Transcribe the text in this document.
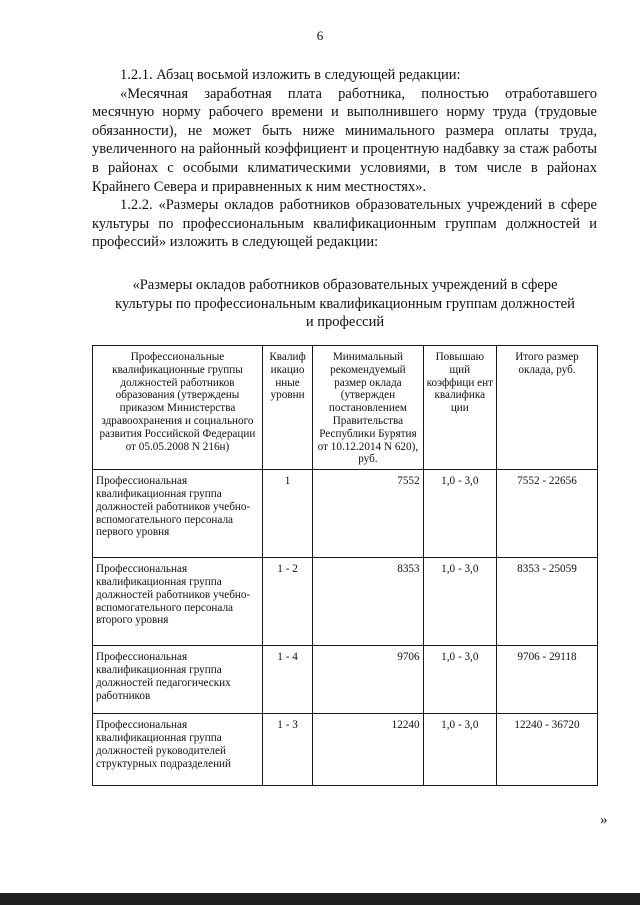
6

1.2.1. Абзац восьмой изложить в следующей редакции:

«Месячная заработная плата работника, полностью отработавшего месячную норму рабочего времени и выполнившего норму труда (трудовые обязанности), не может быть ниже минимального размера оплаты труда, увеличенного на районный коэффициент и процентную надбавку за стаж работы в районах с особыми климатическими условиями, в том числе в районах Крайнего Севера и приравненных к ним местностях».

1.2.2. «Размеры окладов работников образовательных учреждений в сфере культуры по профессиональным квалификационным группам должностей и профессий» изложить в следующей редакции:

«Размеры окладов работников образовательных учреждений в сфере культуры по профессиональным квалификационным группам должностей и профессий
Профессиональные квалификационные группы должностей работников образования (утверждены приказом Министерства здравоохранения и социального развития Российской Федерации от 05.05.2008 N 216н)	Квалиф икацио нные уровни	Минимальный рекомендуемый размер оклада (утвержден постановлением Правительства Республики Бурятия от 10.12.2014 N 620), руб.	Повышаю щий коэффици ент квалифика ции	Итого размер оклада, руб.
Профессиональная квалификационная группа должностей работников учебно-вспомогательного персонала первого уровня	1	7552	1,0 - 3,0	7552 - 22656
Профессиональная квалификационная группа должностей работников учебно-вспомогательного персонала второго уровня	1 - 2	8353	1,0 - 3,0	8353 - 25059
Профессиональная квалификационная группа должностей педагогических работников	1 - 4	9706	1,0 - 3,0	9706 - 29118
Профессиональная квалификационная группа должностей руководителей структурных подразделений	1 - 3	12240	1,0 - 3,0	12240 - 36720
»
